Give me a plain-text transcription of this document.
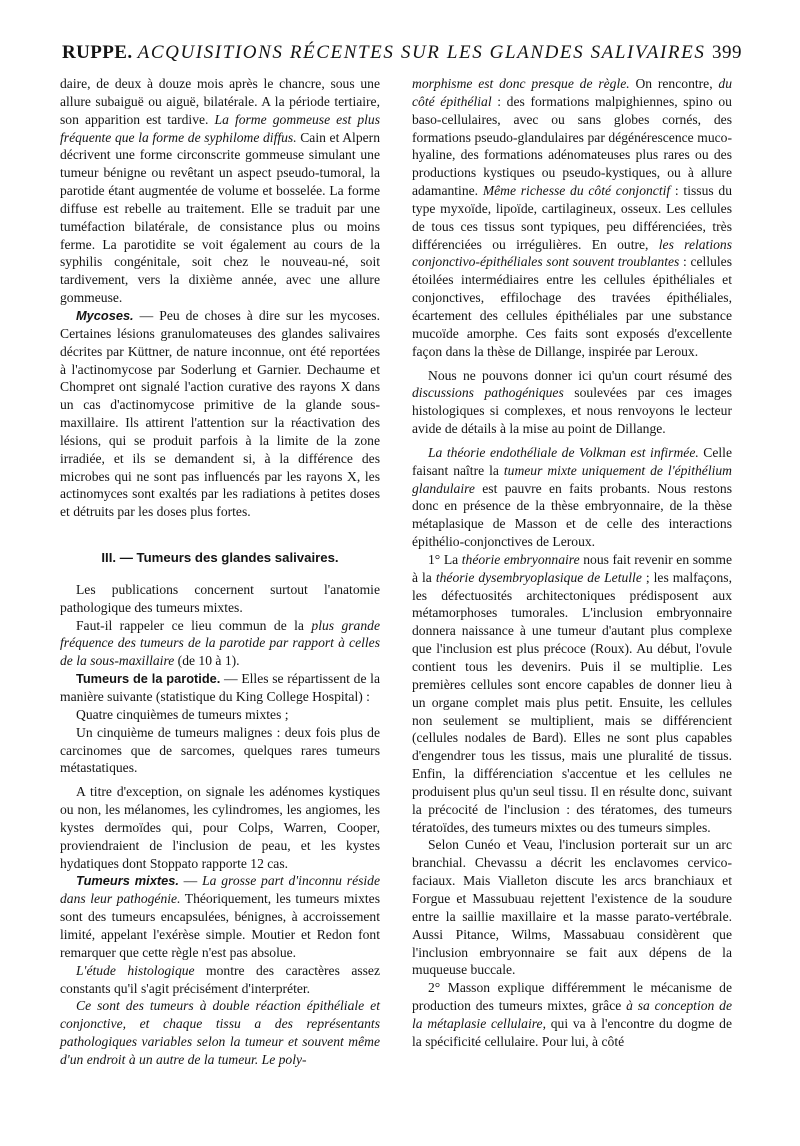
RUPPE. ACQUISITIONS RÉCENTES SUR LES GLANDES SALIVAIRES 399

daire, de deux à douze mois après le chancre, sous une allure subaiguë ou aiguë, bilatérale. A la période tertiaire, son apparition est tardive. La forme gommeuse est plus fréquente que la forme de syphilome diffus. Cain et Alpern décrivent une forme circonscrite gommeuse simulant une tumeur bénigne ou revêtant un aspect pseudo-tumoral, la parotide étant augmentée de volume et bosselée. La forme diffuse est rebelle au traitement. Elle se traduit par une tuméfaction bilatérale, de consistance plus ou moins ferme. La parotidite se voit également au cours de la syphilis congénitale, soit chez le nouveau-né, soit tardivement, vers la dixième année, avec une allure gommeuse.

Mycoses. — Peu de choses à dire sur les mycoses. Certaines lésions granulomateuses des glandes salivaires décrites par Küttner, de nature inconnue, ont été reportées à l'actinomycose par Soderlung et Garnier. Dechaume et Chompret ont signalé l'action curative des rayons X dans un cas d'actinomycose primitive de la glande sous-maxillaire. Ils attirent l'attention sur la réactivation des lésions, qui se produit parfois à la limite de la zone irradiée, et ils se demandent si, à la différence des microbes qui ne sont pas influencés par les rayons X, les actinomyces sont exaltés par les radiations à petites doses et détruits par les doses plus fortes.

III. — Tumeurs des glandes salivaires.

Les publications concernent surtout l'anatomie pathologique des tumeurs mixtes.

Faut-il rappeler ce lieu commun de la plus grande fréquence des tumeurs de la parotide par rapport à celles de la sous-maxillaire (de 10 à 1).

Tumeurs de la parotide. — Elles se répartissent de la manière suivante (statistique du King College Hospital) :

Quatre cinquièmes de tumeurs mixtes ;

Un cinquième de tumeurs malignes : deux fois plus de carcinomes que de sarcomes, quelques rares tumeurs métastatiques.

A titre d'exception, on signale les adénomes kystiques ou non, les mélanomes, les cylindromes, les angiomes, les kystes dermoïdes qui, pour Colps, Warren, Cooper, proviendraient de l'inclusion de peau, et les kystes hydatiques dont Stoppato rapporte 12 cas.

Tumeurs mixtes. — La grosse part d'inconnu réside dans leur pathogénie. Théoriquement, les tumeurs mixtes sont des tumeurs encapsulées, bénignes, à accroissement limité, appelant l'exérèse simple. Moutier et Redon font remarquer que cette règle n'est pas absolue.

L'étude histologique montre des caractères assez constants qu'il s'agit précisément d'interpréter.

Ce sont des tumeurs à double réaction épithéliale et conjonctive, et chaque tissu a des représentants pathologiques variables selon la tumeur et souvent même d'un endroit à un autre de la tumeur. Le poly-

morphisme est donc presque de règle. On rencontre, du côté épithélial : des formations malpighiennes, spino ou baso-cellulaires, avec ou sans globes cornés, des formations pseudo-glandulaires par dégénérescence muco-hyaline, des formations adénomateuses plus rares ou des productions kystiques ou pseudo-kystiques, ou à allure adamantine. Même richesse du côté conjonctif : tissus du type myxoïde, lipoïde, cartilagineux, osseux. Les cellules de tous ces tissus sont typiques, peu différenciées, très différenciées ou irrégulières. En outre, les relations conjonctivo-épithéliales sont souvent troublantes : cellules étoilées intermédiaires entre les cellules épithéliales et conjonctives, effilochage des travées épithéliales, écartement des cellules épithéliales par une substance mucoïde amorphe. Ces faits sont exposés d'excellente façon dans la thèse de Dillange, inspirée par Leroux.

Nous ne pouvons donner ici qu'un court résumé des discussions pathogéniques soulevées par ces images histologiques si complexes, et nous renvoyons le lecteur avide de détails à la mise au point de Dillange.

La théorie endothéliale de Volkman est infirmée. Celle faisant naître la tumeur mixte uniquement de l'épithélium glandulaire est pauvre en faits probants. Nous restons donc en présence de la thèse embryonnaire, de la thèse métaplasique de Masson et de celle des interactions épithélio-conjonctives de Leroux.

1° La théorie embryonnaire nous fait revenir en somme à la théorie dysembryoplasique de Letulle ; les malfaçons, les défectuosités architectoniques prédisposent aux métamorphoses tumorales. L'inclusion embryonnaire donnera naissance à une tumeur d'autant plus complexe que l'inclusion est plus précoce (Roux). Au début, l'ovule contient tous les devenirs. Puis il se multiplie. Les premières cellules sont encore capables de donner lieu à un organe complet mais plus petit. Ensuite, les cellules non seulement se multiplient, mais se différencient (cellules nodales de Bard). Elles ne sont plus capables d'engendrer tous les tissus, mais une pluralité de tissus. Enfin, la différenciation s'accentue et les cellules ne produisent plus qu'un seul tissu. Il en résulte donc, suivant la précocité de l'inclusion : des tératomes, des tumeurs tératoïdes, des tumeurs mixtes ou des tumeurs simples.

Selon Cunéo et Veau, l'inclusion porterait sur un arc branchial. Chevassu a décrit les enclavomes cervico-faciaux. Mais Vialleton discute les arcs branchiaux et Forgue et Massubuau rejettent l'existence de la soudure entre la saillie maxillaire et la masse parato-vertébrale. Aussi Pitance, Wilms, Massabuau considèrent que l'inclusion embryonnaire se fait aux dépens de la muqueuse buccale.

2° Masson explique différemment le mécanisme de production des tumeurs mixtes, grâce à sa conception de la métaplasie cellulaire, qui va à l'encontre du dogme de la spécificité cellulaire. Pour lui, à côté
